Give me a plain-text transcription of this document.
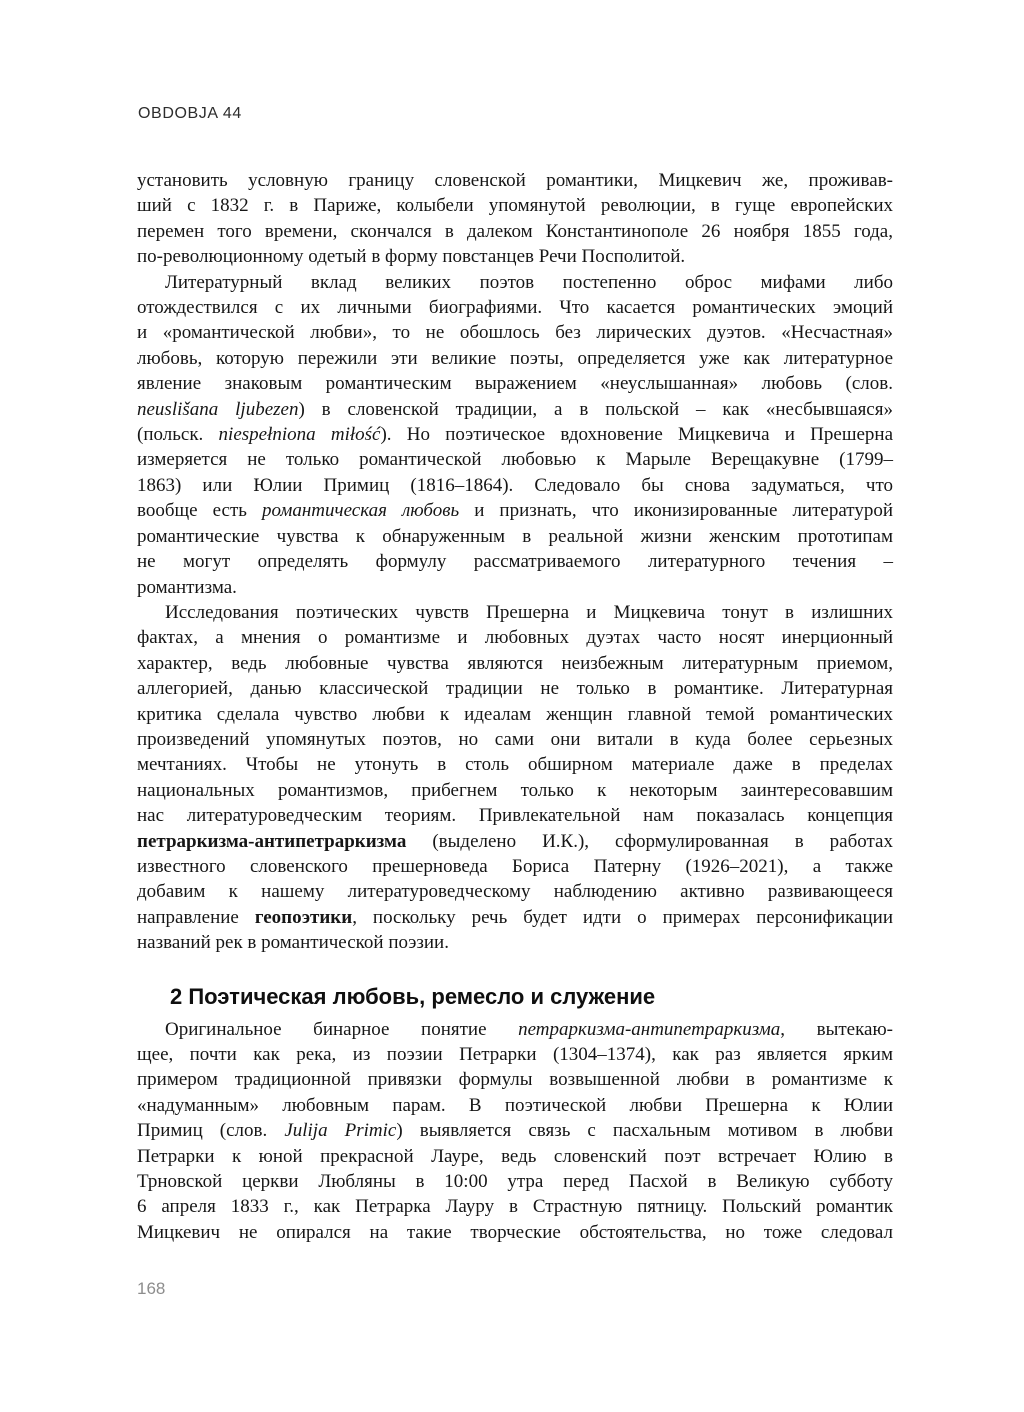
OBDOBJA 44
установить условную границу словенской романтики, Мицкевич же, проживав-
ший с 1832 г. в Париже, колыбели упомянутой революции, в гуще европейских
перемен того времени, скончался в далеком Константинополе 26 ноября 1855 года,
по-революционному одетый в форму повстанцев Речи Посполитой.
Литературный вклад великих поэтов постепенно оброс мифами либо
отождествился с их личными биографиями. Что касается романтических эмоций
и «романтической любви», то не обошлось без лирических дуэтов. «Несчастная»
любовь, которую пережили эти великие поэты, определяется уже как литературное
явление знаковым романтическим выражением «неуслышанная» любовь (слов.
neuslišana ljubezen) в словенской традиции, а в польской – как «несбывшаяся»
(польск. niespełniona miłość). Но поэтическое вдохновение Мицкевича и Прешерна
измеряется не только романтической любовью к Марыле Верещакувне (1799–
1863) или Юлии Примиц (1816–1864). Следовало бы снова задуматься, что
вообще есть романтическая любовь и признать, что иконизированные литературой
романтические чувства к обнаруженным в реальной жизни женским прототипам
не могут определять формулу рассматриваемого литературного течения –
романтизма.
Исследования поэтических чувств Прешерна и Мицкевича тонут в излишних
фактах, а мнения о романтизме и любовных дуэтах часто носят инерционный
характер, ведь любовные чувства являются неизбежным литературным приемом,
аллегорией, данью классической традиции не только в романтике. Литературная
критика сделала чувство любви к идеалам женщин главной темой романтических
произведений упомянутых поэтов, но сами они витали в куда более серьезных
мечтаниях. Чтобы не утонуть в столь обширном материале даже в пределах
национальных романтизмов, прибегнем только к некоторым заинтересовавшим
нас литературоведческим теориям. Привлекательной нам показалась концепция
петраркизма-антипетраркизма (выделено И.К.), сформулированная в работах
известного словенского прешерноведа Бориса Патерну (1926–2021), а также
добавим к нашему литературоведческому наблюдению активно развивающееся
направление геопоэтики, поскольку речь будет идти о примерах персонификации
названий рек в романтической поэзии.
2 Поэтическая любовь, ремесло и служение
Оригинальное бинарное понятие петраркизма-антипетраркизма, вытекаю-
щее, почти как река, из поэзии Петрарки (1304–1374), как раз является ярким
примером традиционной привязки формулы возвышенной любви в романтизме к
«надуманным» любовным парам. В поэтической любви Прешерна к Юлии
Примиц (слов. Julija Primic) выявляется связь с пасхальным мотивом в любви
Петрарки к юной прекрасной Лауре, ведь словенский поэт встречает Юлию в
Трновской церкви Любляны в 10:00 утра перед Пасхой в Великую субботу
6 апреля 1833 г., как Петрарка Лауру в Страстную пятницу. Польский романтик
Мицкевич не опирался на такие творческие обстоятельства, но тоже следовал
168
